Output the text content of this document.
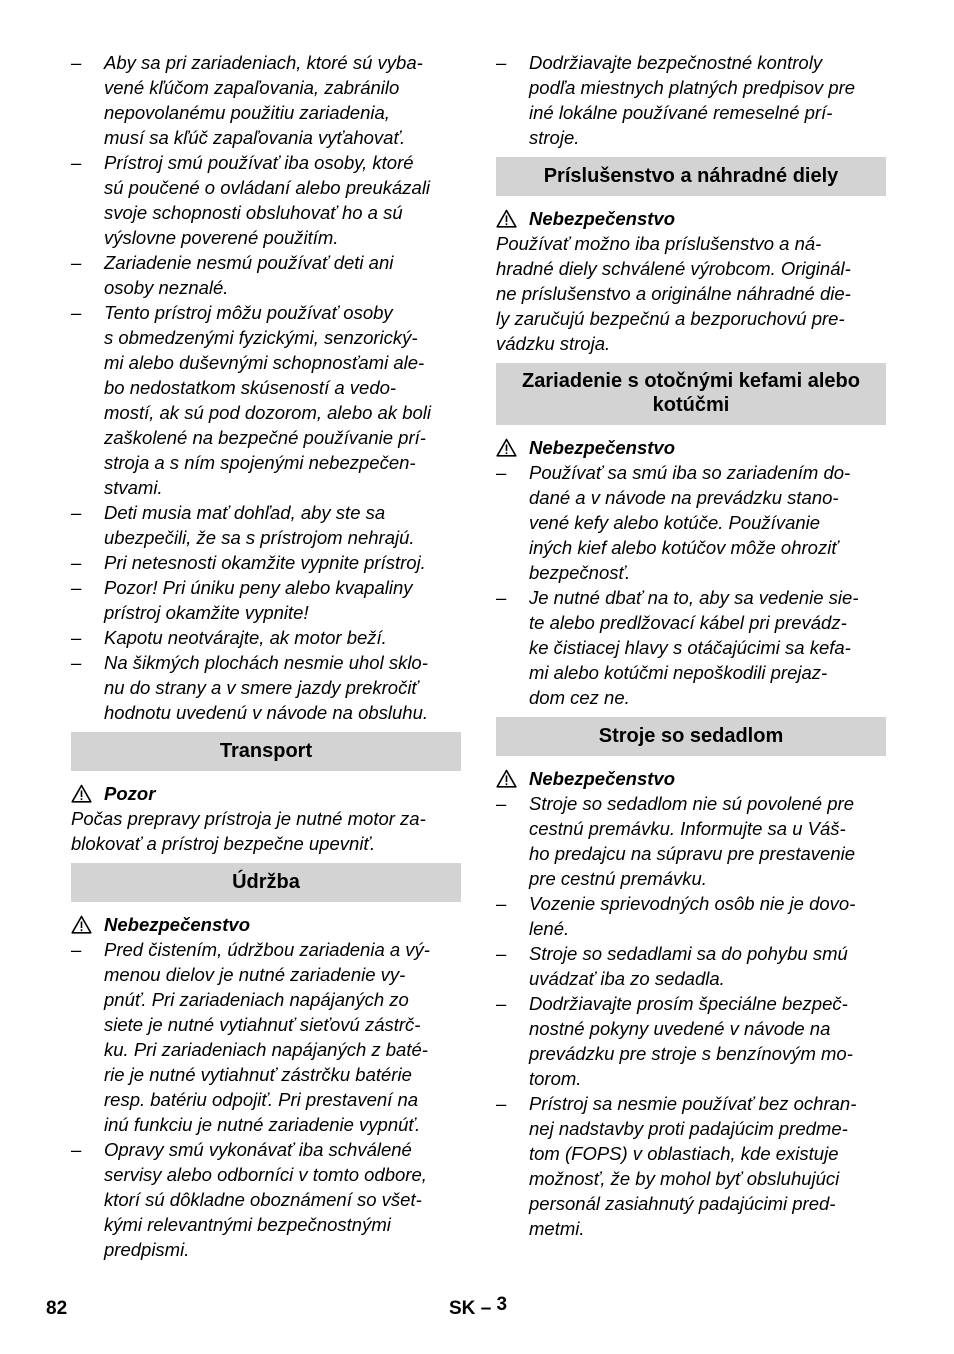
– Aby sa pri zariadeniach, ktoré sú vyba-
vené kľúčom zapaľovania, zabránilo
nepovolanému použitiu zariadenia,
musí sa kľúč zapaľovania vyťahovať.
– Prístroj smú používať iba osoby, ktoré
sú poučené o ovládaní alebo preukázali
svoje schopnosti obsluhovať ho a sú
výslovne poverené použitím.
– Zariadenie nesmú používať deti ani
osoby neznalé.
– Tento prístroj môžu používať osoby
s obmedzenými fyzickými, senzorický-
mi alebo duševnými schopnosťami ale-
bo nedostatkom skúseností a vedo-
mostí, ak sú pod dozorom, alebo ak boli
zaškolené na bezpečné používanie prí-
stroja a s ním spojenými nebezpečen-
stvami.
– Deti musia mať dohľad, aby ste sa
ubezpečili, že sa s prístrojom nehrajú.
– Pri netesnosti okamžite vypnite prístroj.
– Pozor! Pri úniku peny alebo kvapaliny
prístroj okamžite vypnite!
– Kapotu neotvárajte, ak motor beží.
– Na šikmých plochách nesmie uhol sklo-
nu do strany a v smere jazdy prekročiť
hodnotu uvedenú v návode na obsluhu.
Transport
Pozor
Počas prepravy prístroja je nutné motor za-
blokovať a prístroj bezpečne upevniť.
Údržba
Nebezpečenstvo
– Pred čistením, údržbou zariadenia a vý-
menou dielov je nutné zariadenie vy-
pnúť. Pri zariadeniach napájaných zo
siete je nutné vytiahnuť sieťovú zástrč-
ku. Pri zariadeniach napájaných z baté-
rie je nutné vytiahnuť zástrčku batérie
resp. batériu odpojiť. Pri prestavení na
inú funkciu je nutné zariadenie vypnúť.
– Opravy smú vykonávať iba schválené
servisy alebo odborníci v tomto odbore,
ktorí sú dôkladne oboznámení so všet-
kými relevantnými bezpečnostnými
predpismi.
– Dodržiavajte bezpečnostné kontroly
podľa miestnych platných predpisov pre
iné lokálne používané remeselné prí-
stroje.
Príslušenstvo a náhradné diely
Nebezpečenstvo
Používať možno iba príslušenstvo a ná-
hradné diely schválené výrobcom. Originál-
ne príslušenstvo a originálne náhradné die-
ly zaručujú bezpečnú a bezporuchovú pre-
vádzku stroja.
Zariadenie s otočnými kefami alebo
kotúčmi
Nebezpečenstvo
– Používať sa smú iba so zariadením do-
dané a v návode na prevádzku stano-
vené kefy alebo kotúče. Používanie
iných kief alebo kotúčov môže ohroziť
bezpečnosť.
– Je nutné dbať na to, aby sa vedenie sie-
te alebo predlžovací kábel pri prevádz-
ke čistiacej hlavy s otáčajúcimi sa kefa-
mi alebo kotúčmi nepoškodili prejaz-
dom cez ne.
Stroje so sedadlom
Nebezpečenstvo
– Stroje so sedadlom nie sú povolené pre
cestnú premávku. Informujte sa u Váš-
ho predajcu na súpravu pre prestavenie
pre cestnú premávku.
– Vozenie sprievodných osôb nie je dovo-
lené.
– Stroje so sedadlami sa do pohybu smú
uvádzať iba zo sedadla.
– Dodržiavajte prosím špeciálne bezpeč-
nostné pokyny uvedené v návode na
prevádzku pre stroje s benzínovým mo-
torom.
– Prístroj sa nesmie používať bez ochran-
nej nadstavby proti padajúcim predme-
tom (FOPS) v oblastiach, kde existuje
možnosť, že by mohol byť obsluhujúci
personál zasiahnutý padajúcimi pred-
metmi.
82	SK – 3
